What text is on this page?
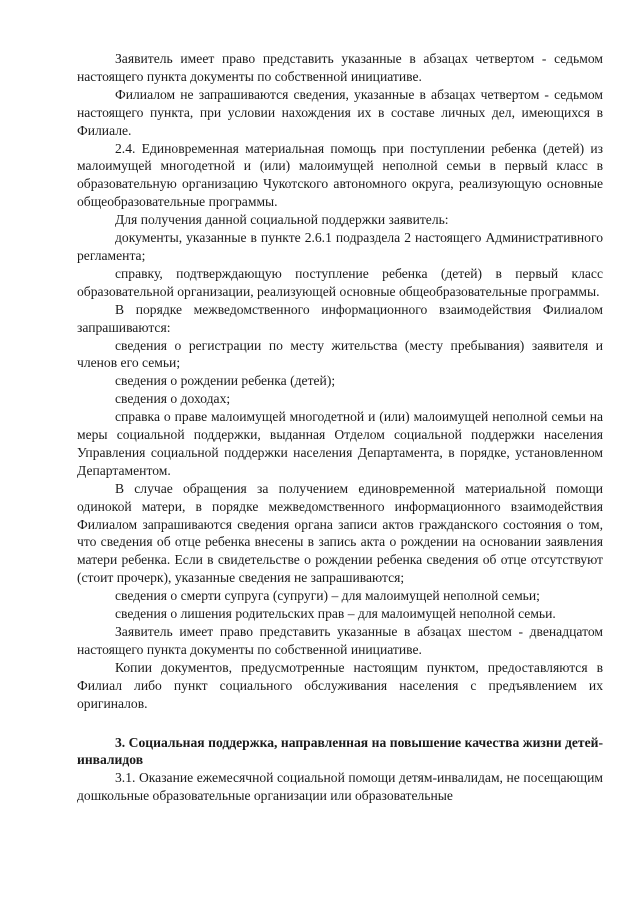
Заявитель имеет право представить указанные в абзацах четвертом - седьмом настоящего пункта документы по собственной инициативе.

Филиалом не запрашиваются сведения, указанные в абзацах четвертом - седьмом настоящего пункта, при условии нахождения их в составе личных дел, имеющихся в Филиале.

2.4. Единовременная материальная помощь при поступлении ребенка (детей) из малоимущей многодетной и (или) малоимущей неполной семьи в первый класс в образовательную организацию Чукотского автономного округа, реализующую основные общеобразовательные программы.

Для получения данной социальной поддержки заявитель:

документы, указанные в пункте 2.6.1 подраздела 2 настоящего Административного регламента;

справку, подтверждающую поступление ребенка (детей) в первый класс образовательной организации, реализующей основные общеобразовательные программы.

В порядке межведомственного информационного взаимодействия Филиалом запрашиваются:

сведения о регистрации по месту жительства (месту пребывания) заявителя и членов его семьи;

сведения о рождении ребенка (детей);

сведения о доходах;

справка о праве малоимущей многодетной и (или) малоимущей неполной семьи на меры социальной поддержки, выданная Отделом социальной поддержки населения Управления социальной поддержки населения Департамента, в порядке, установленном Департаментом.

В случае обращения за получением единовременной материальной помощи одинокой матери, в порядке межведомственного информационного взаимодействия Филиалом запрашиваются сведения органа записи актов гражданского состояния о том, что сведения об отце ребенка внесены в запись акта о рождении на основании заявления матери ребенка. Если в свидетельстве о рождении ребенка сведения об отце отсутствуют (стоит прочерк), указанные сведения не запрашиваются;

сведения о смерти супруга (супруги) – для малоимущей неполной семьи;

сведения о лишения родительских прав – для малоимущей неполной семьи.

Заявитель имеет право представить указанные в абзацах шестом - двенадцатом настоящего пункта документы по собственной инициативе.

Копии документов, предусмотренные настоящим пунктом, предоставляются в Филиал либо пункт социального обслуживания населения с предъявлением их оригиналов.

3. Социальная поддержка, направленная на повышение качества жизни детей-инвалидов

3.1. Оказание ежемесячной социальной помощи детям-инвалидам, не посещающим дошкольные образовательные организации или образовательные
